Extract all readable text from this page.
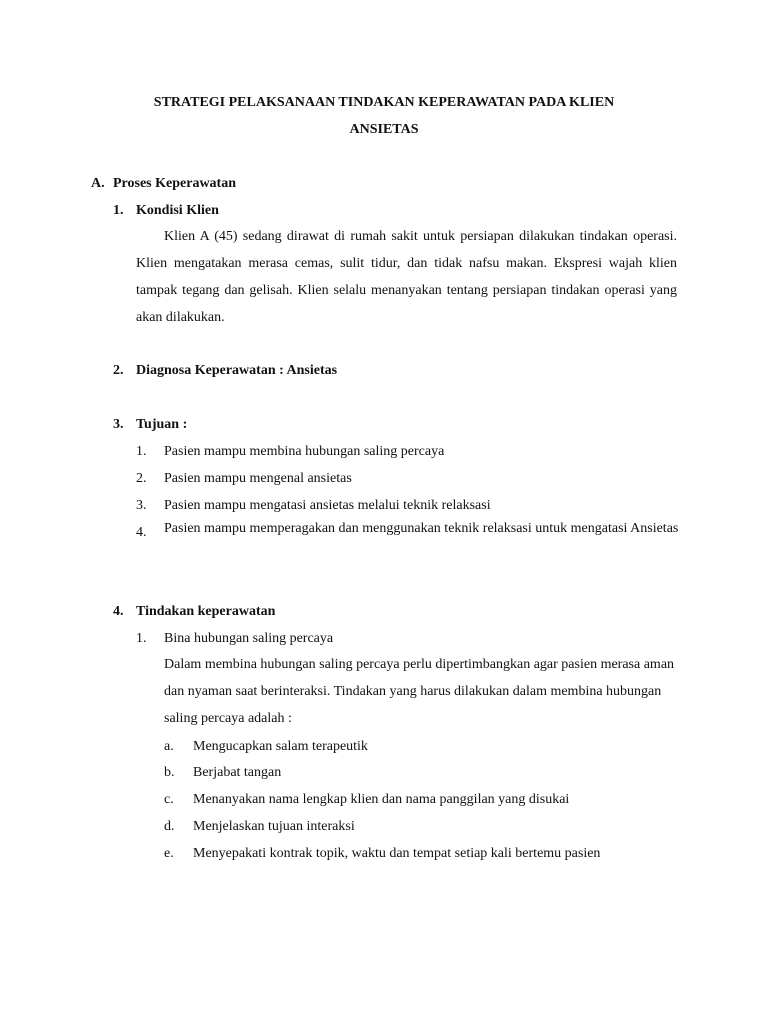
STRATEGI PELAKSANAAN TINDAKAN KEPERAWATAN PADA KLIEN
ANSIETAS
A. Proses Keperawatan
1. Kondisi Klien
Klien A (45) sedang dirawat di rumah sakit untuk persiapan dilakukan tindakan operasi. Klien mengatakan merasa cemas, sulit tidur, dan tidak nafsu makan. Ekspresi wajah klien tampak tegang dan gelisah. Klien selalu menanyakan tentang persiapan tindakan operasi yang akan dilakukan.
2. Diagnosa Keperawatan : Ansietas
3. Tujuan :
1. Pasien mampu membina hubungan saling percaya
2. Pasien mampu mengenal ansietas
3. Pasien mampu mengatasi ansietas melalui teknik relaksasi
4. Pasien mampu memperagakan dan menggunakan teknik relaksasi untuk mengatasi Ansietas
4. Tindakan keperawatan
1. Bina hubungan saling percaya
Dalam membina hubungan saling percaya perlu dipertimbangkan agar pasien merasa aman dan nyaman saat berinteraksi. Tindakan yang harus dilakukan dalam membina hubungan saling percaya adalah :
a. Mengucapkan salam terapeutik
b. Berjabat tangan
c. Menanyakan nama lengkap klien dan nama panggilan yang disukai
d. Menjelaskan tujuan interaksi
e. Menyepakati kontrak topik, waktu dan tempat setiap kali bertemu pasien
